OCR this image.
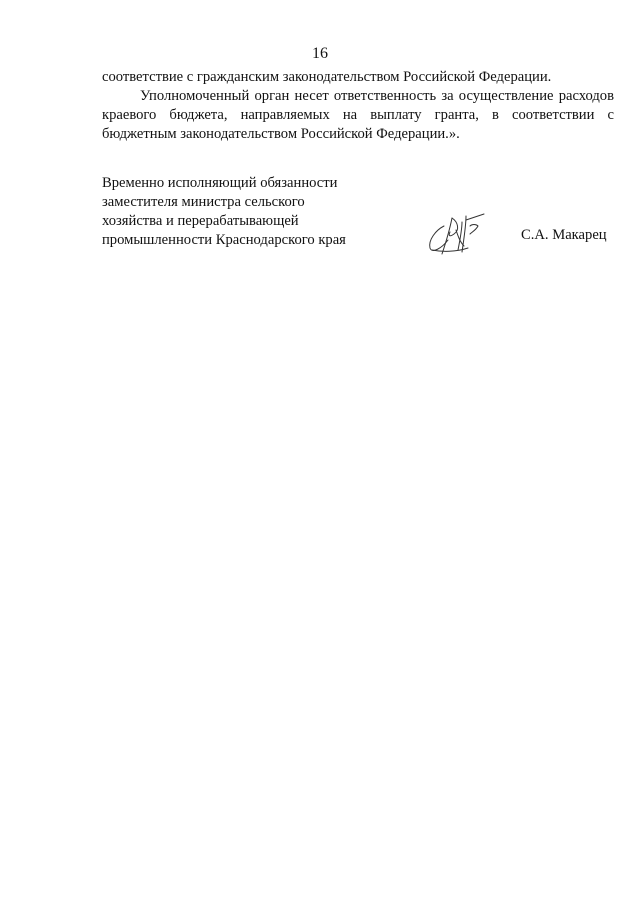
16

соответствие с гражданским законодательством Российской Федерации.

Уполномоченный орган несет ответственность за осуществление расходов краевого бюджета, направляемых на выплату гранта, в соответствии с бюджетным законодательством Российской Федерации.».

Временно исполняющий обязанности
заместителя министра сельского
хозяйства и перерабатывающей
промышленности Краснодарского края	С.А. Макарец
